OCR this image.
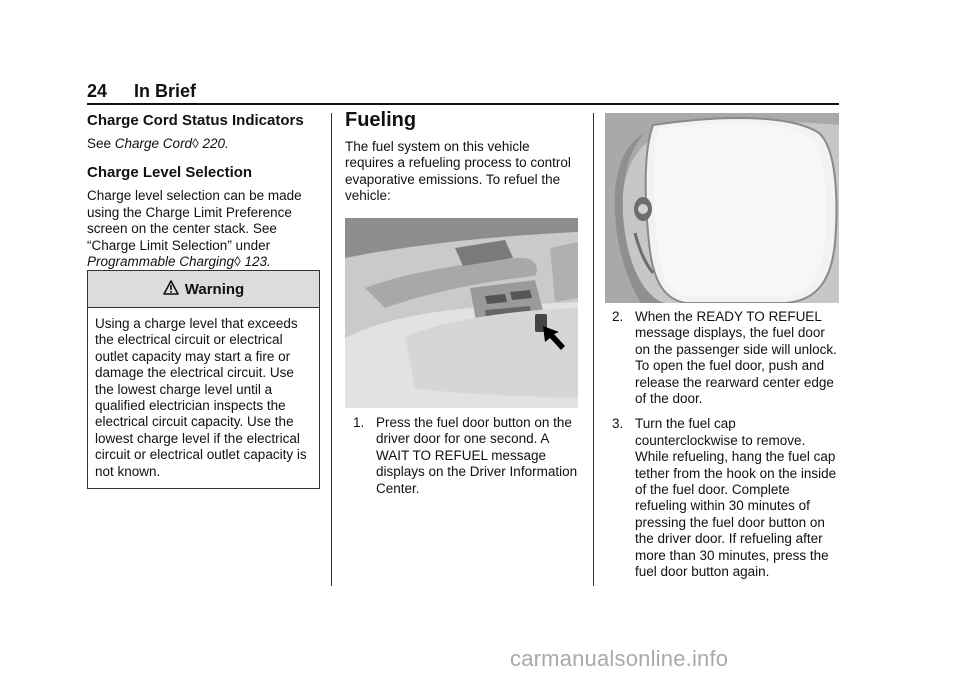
24 In Brief
Charge Cord Status Indicators

See Charge Cord◊ 220.

Charge Level Selection

Charge level selection can be made using the Charge Limit Preference screen on the center stack. See “Charge Limit Selection” under
Programmable Charging◊ 123.

Warning
Using a charge level that exceeds the electrical circuit or electrical outlet capacity may start a fire or damage the electrical circuit. Use the lowest charge level until a qualified electrician inspects the electrical circuit capacity. Use the lowest charge level if the electrical circuit or electrical outlet capacity is not known.
Fueling
The fuel system on this vehicle requires a refueling process to control evaporative emissions. To refuel the vehicle:
1. Press the fuel door button on the driver door for one second. A WAIT TO REFUEL message displays on the Driver Information Center.
2. When the READY TO REFUEL message displays, the fuel door on the passenger side will unlock. To open the fuel door, push and release the rearward center edge of the door.
3. Turn the fuel cap counterclockwise to remove. While refueling, hang the fuel cap tether from the hook on the inside of the fuel door. Complete refueling within 30 minutes of pressing the fuel door button on the driver door. If refueling after more than 30 minutes, press the fuel door button again.
carmanualsonline.info
